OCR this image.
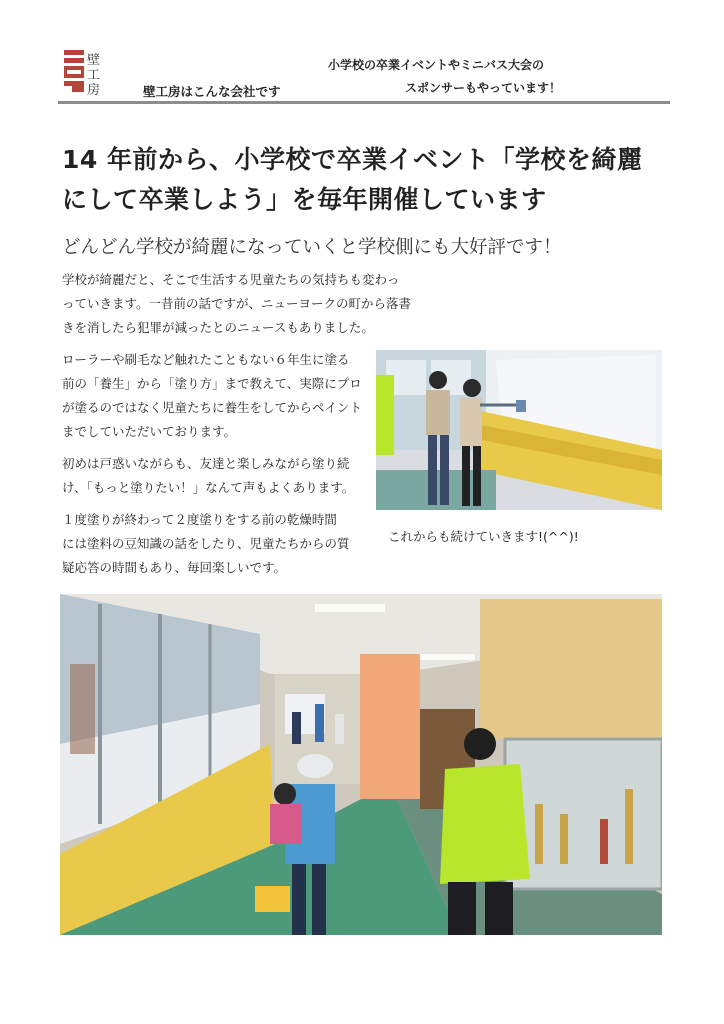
壁
工
房	壁工房はこんな会社です
小学校の卒業イベントやミニバス大会の
スポンサーもやっています！
14 年前から、小学校で卒業イベント「学校を綺麗
にして卒業しよう」を毎年開催しています
どんどん学校が綺麗になっていくと学校側にも大好評です！
学校が綺麗だと、そこで生活する児童たちの気持ちも変わっ
っていきます。一昔前の話ですが、ニューヨークの町から落書
きを消したら犯罪が減ったとのニュースもありました。
ローラーや刷毛など触れたこともない６年生に塗る
前の「養生」から「塗り方」まで教えて、実際にプロ
が塗るのではなく児童たちに養生をしてからペイント
までしていただいております。
初めは戸惑いながらも、友達と楽しみながら塗り続
け、「もっと塗りたい！」なんて声もよくあります。
１度塗りが終わって２度塗りをする前の乾燥時間
には塗料の豆知識の話をしたり、児童たちからの質
疑応答の時間もあり、毎回楽しいです。
これからも続けていきます!(^^)!
